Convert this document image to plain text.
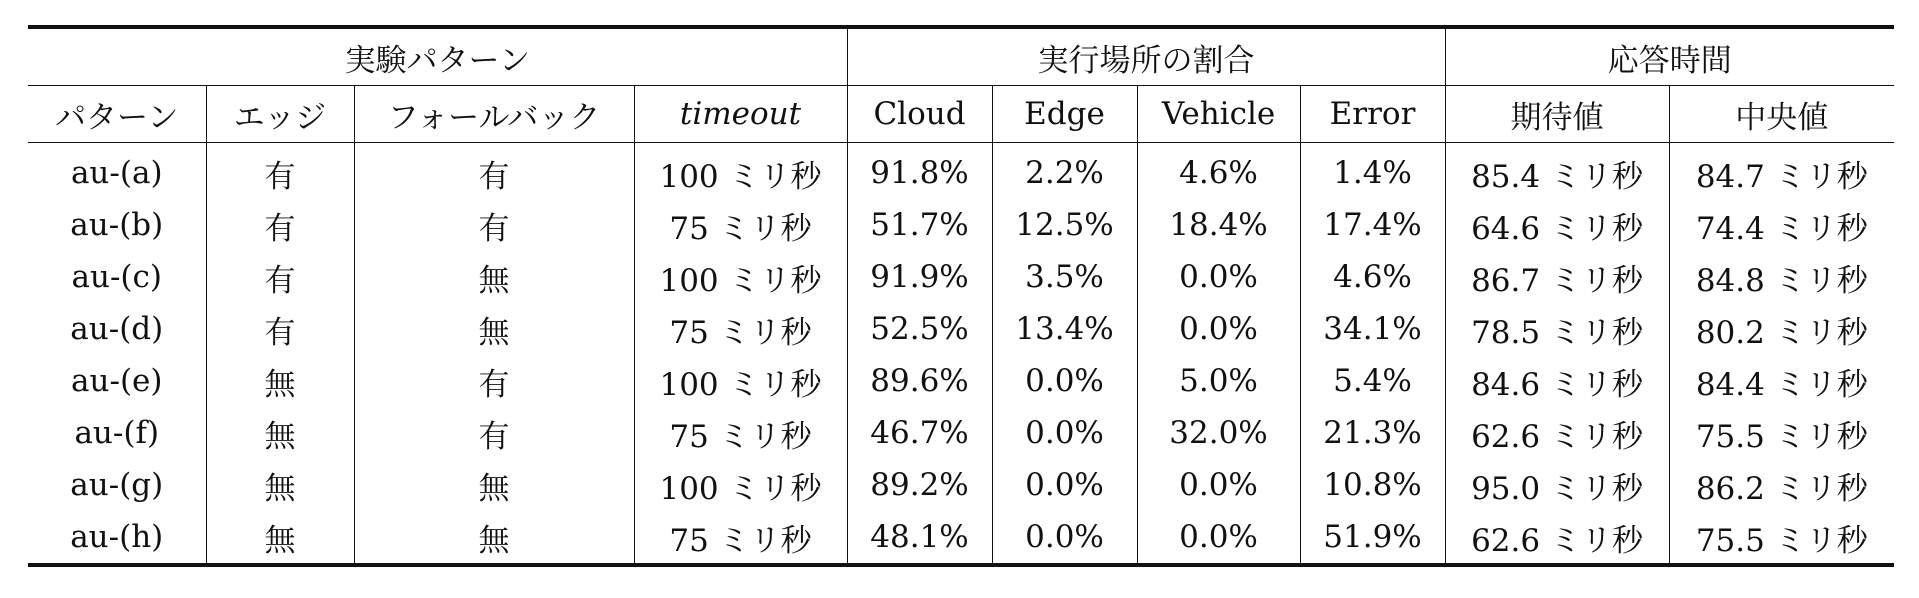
実験パターン				実行場所の割合				応答時間	
パターン	エッジ	フォールバック	timeout	Cloud	Edge	Vehicle	Error	期待値	中央値
au-(a)	有	有	100 ミリ秒	91.8%	2.2%	4.6%	1.4%	85.4 ミリ秒	84.7 ミリ秒
au-(b)	有	有	75 ミリ秒	51.7%	12.5%	18.4%	17.4%	64.6 ミリ秒	74.4 ミリ秒
au-(c)	有	無	100 ミリ秒	91.9%	3.5%	0.0%	4.6%	86.7 ミリ秒	84.8 ミリ秒
au-(d)	有	無	75 ミリ秒	52.5%	13.4%	0.0%	34.1%	78.5 ミリ秒	80.2 ミリ秒
au-(e)	無	有	100 ミリ秒	89.6%	0.0%	5.0%	5.4%	84.6 ミリ秒	84.4 ミリ秒
au-(f)	無	有	75 ミリ秒	46.7%	0.0%	32.0%	21.3%	62.6 ミリ秒	75.5 ミリ秒
au-(g)	無	無	100 ミリ秒	89.2%	0.0%	0.0%	10.8%	95.0 ミリ秒	86.2 ミリ秒
au-(h)	無	無	75 ミリ秒	48.1%	0.0%	0.0%	51.9%	62.6 ミリ秒	75.5 ミリ秒
